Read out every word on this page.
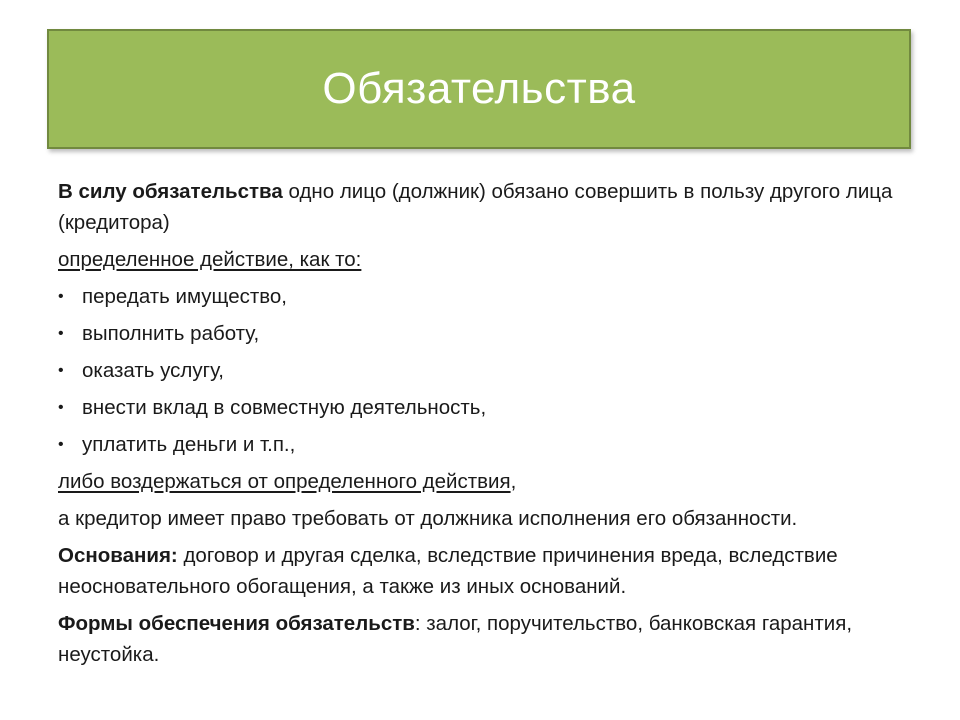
Обязательства

В силу обязательства одно лицо (должник) обязано совершить в пользу другого лица (кредитора)

определенное действие, как то:

• передать имущество,
• выполнить работу,
• оказать услугу,
• внести вклад в совместную деятельность,
• уплатить деньги и т.п.,

либо воздержаться от определенного действия,

а кредитор имеет право требовать от должника исполнения его обязанности.

Основания: договор и другая сделка, вследствие причинения вреда, вследствие неосновательного обогащения, а также из иных оснований.

Формы обеспечения обязательств: залог, поручительство, банковская гарантия, неустойка.
